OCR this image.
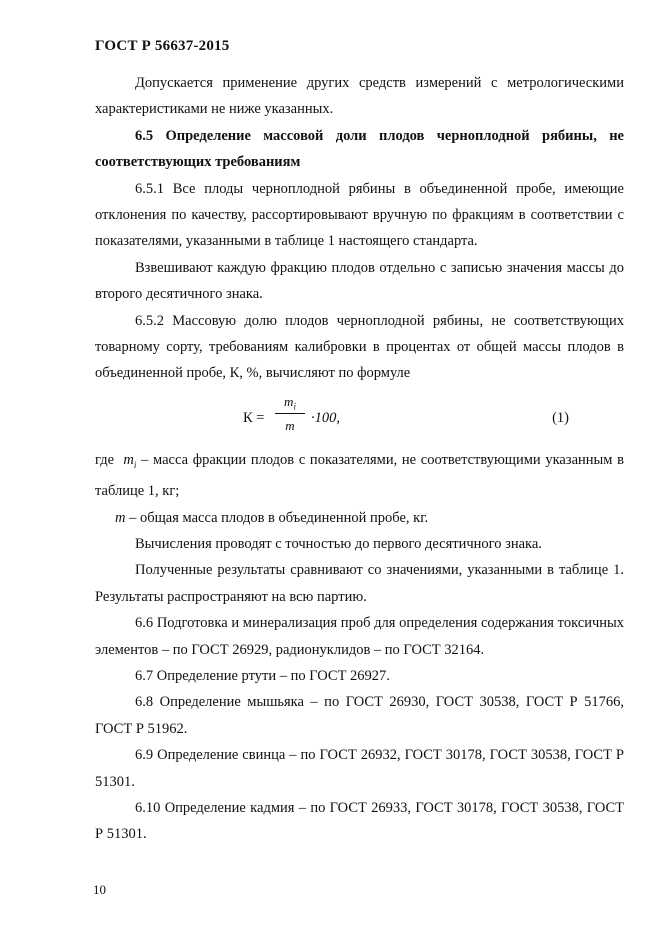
ГОСТ Р 56637-2015

Допускается применение других средств измерений с метрологическими характеристиками не ниже указанных.

6.5 Определение массовой доли плодов черноплодной рябины, не соответствующих требованиям

6.5.1 Все плоды черноплодной рябины в объединенной пробе, имеющие отклонения по качеству, рассортировывают вручную по фракциям в соответствии с показателями, указанными в таблице 1 настоящего стандарта.

Взвешивают каждую фракцию плодов отдельно с записью значения массы до второго десятичного знака.

6.5.2 Массовую долю плодов черноплодной рябины, не соответствующих товарному сорту, требованиям калибровки в процентах от общей массы плодов в объединенной пробе, К, %, вычисляют по формуле

К =
$m_i$
m	·100,	(1)

где $m_i$ – масса фракции плодов с показателями, не соответствующими указанным в таблице 1, кг;

m – общая масса плодов в объединенной пробе, кг.

Вычисления проводят с точностью до первого десятичного знака.

Полученные результаты сравнивают со значениями, указанными в таблице 1. Результаты распространяют на всю партию.

6.6 Подготовка и минерализация проб для определения содержания токсичных элементов – по ГОСТ 26929, радионуклидов – по ГОСТ 32164.

6.7 Определение ртути – по ГОСТ 26927.

6.8 Определение мышьяка – по ГОСТ 26930, ГОСТ 30538, ГОСТ Р 51766, ГОСТ Р 51962.

6.9 Определение свинца – по ГОСТ 26932, ГОСТ 30178, ГОСТ 30538, ГОСТ Р 51301.

6.10 Определение кадмия – по ГОСТ 26933, ГОСТ 30178, ГОСТ 30538, ГОСТ Р 51301.

10
